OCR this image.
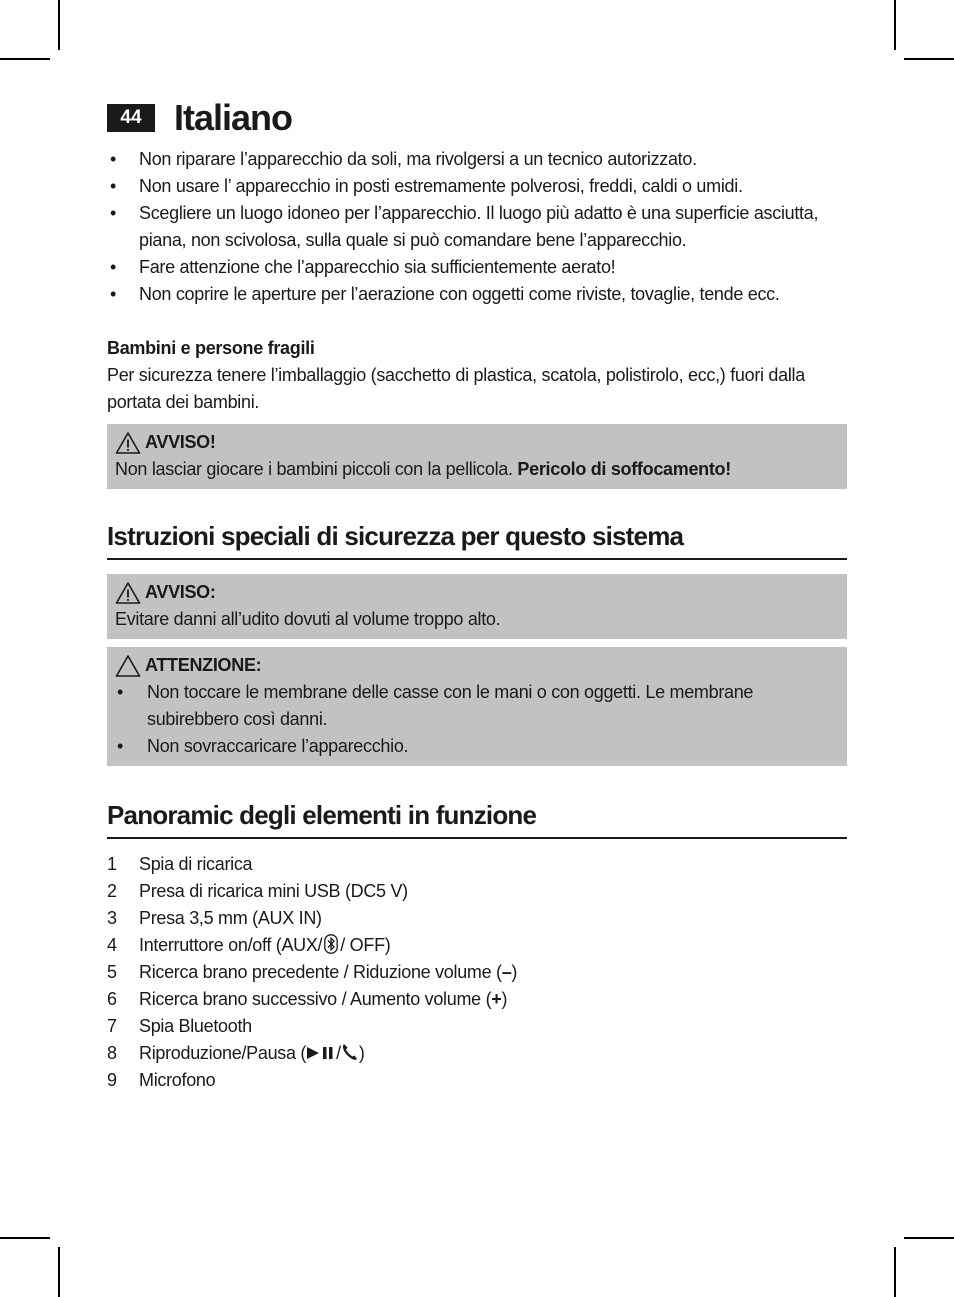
44 Italiano
• Non riparare l’apparecchio da soli, ma rivolgersi a un tecnico autorizzato.
• Non usare l’ apparecchio in posti estremamente polverosi, freddi, caldi o umidi.
• Scegliere un luogo idoneo per l’apparecchio. Il luogo più adatto è una superficie asciutta, piana, non scivolosa, sulla quale si può comandare bene l’apparecchio.
• Fare attenzione che l’apparecchio sia sufficientemente aerato!
• Non coprire le aperture per l’aerazione con oggetti come riviste, tovaglie, tende ecc.
Bambini e persone fragili
Per sicurezza tenere l’imballaggio (sacchetto di plastica, scatola, polistirolo, ecc,) fuori dalla portata dei bambini.
AVVISO!
Non lasciar giocare i bambini piccoli con la pellicola. Pericolo di soffocamento!
Istruzioni speciali di sicurezza per questo sistema
AVVISO:
Evitare danni all’udito dovuti al volume troppo alto.
ATTENZIONE:
• Non toccare le membrane delle casse con le mani o con oggetti. Le membrane subirebbero così danni.
• Non sovraccaricare l’apparecchio.
Panoramic degli elementi in funzione
1	Spia di ricarica
2	Presa di ricarica mini USB (DC5 V)
3	Presa 3,5 mm (AUX IN)
4	Interruttore on/off (AUX/ / OFF)
5	Ricerca brano precedente / Riduzione volume (–)
6	Ricerca brano successivo / Aumento volume (+)
7	Spia Bluetooth
8	Riproduzione/Pausa ( / )
9	Microfono
